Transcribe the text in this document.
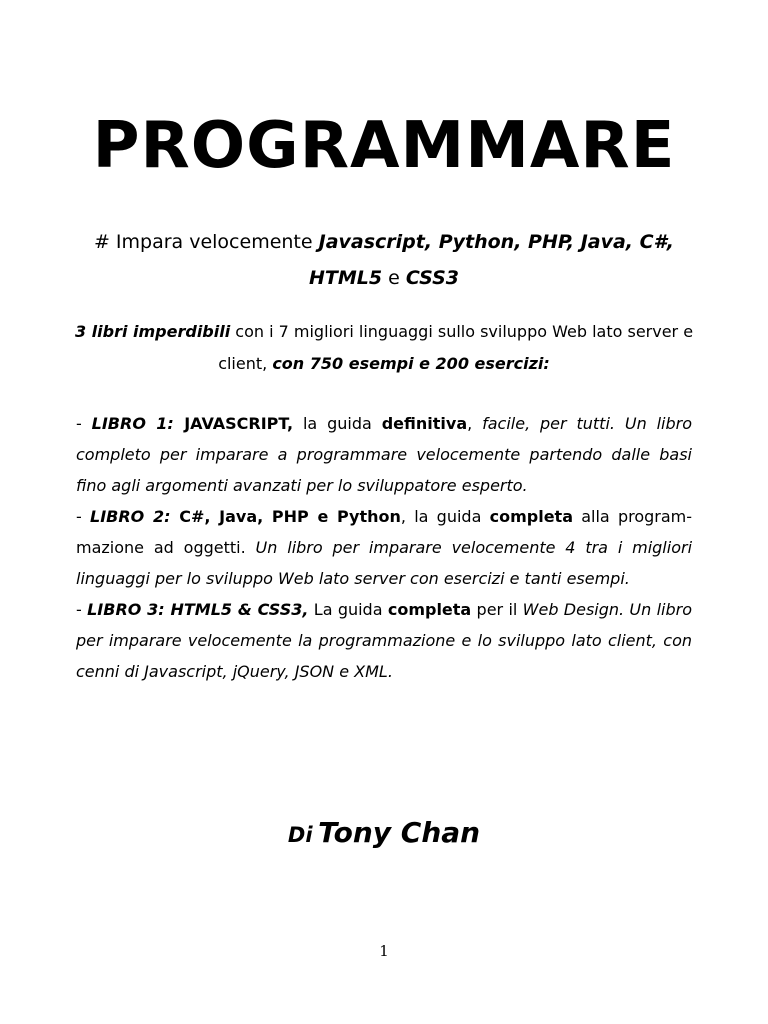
PROGRAMMARE
# Impara velocemente Javascript, Python, PHP, Java, C#,
HTML5 e CSS3
3 libri imperdibili con i 7 migliori linguaggi sullo sviluppo Web lato server e client, con 750 esempi e 200 esercizi:

- LIBRO 1: JAVASCRIPT, la guida definitiva, facile, per tutti. Un libro completo per imparare a programmare velocemente partendo dalle basi fino agli argomenti avanzati per lo sviluppatore esperto.

- LIBRO 2: C#, Java, PHP e Python, la guida completa alla program-mazione ad oggetti. Un libro per imparare velocemente 4 tra i migliori linguaggi per lo sviluppo Web lato server con esercizi e tanti esempi.

- LIBRO 3: HTML5 & CSS3, La guida completa per il Web Design. Un libro per imparare velocemente la programmazione e lo sviluppo lato client, con cenni di Javascript, jQuery, JSON e XML.

Di Tony Chan
1
